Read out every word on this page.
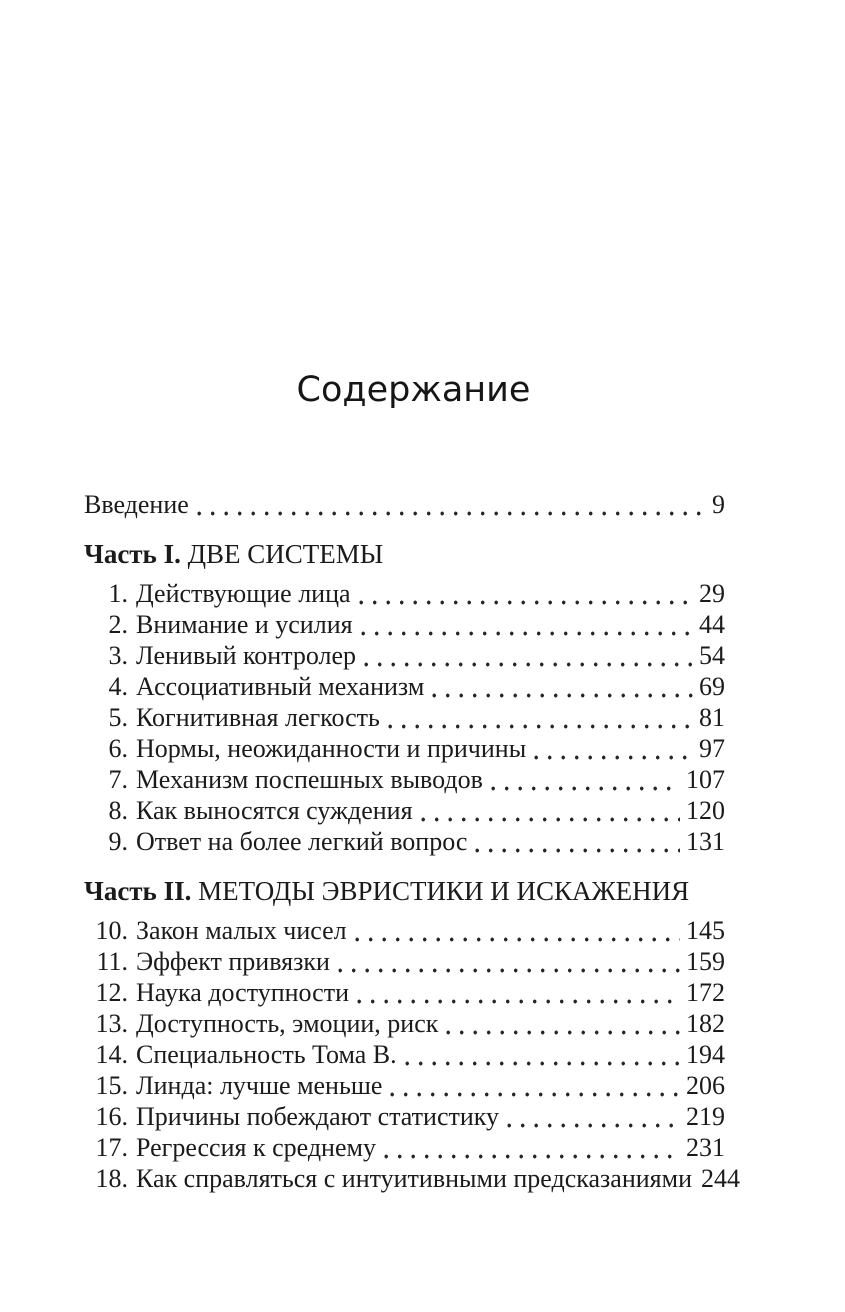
Содержание
Введение	9
Часть I. ДВЕ СИСТЕМЫ
1. Действующие лица	29
2. Внимание и усилия	44
3. Ленивый контролер	54
4. Ассоциативный механизм	69
5. Когнитивная легкость	81
6. Нормы, неожиданности и причины	97
7. Механизм поспешных выводов	107
8. Как выносятся суждения	120
9. Ответ на более легкий вопрос	131
Часть II. МЕТОДЫ ЭВРИСТИКИ И ИСКАЖЕНИЯ
10. Закон малых чисел	145
11. Эффект привязки	159
12. Наука доступности	172
13. Доступность, эмоции, риск	182
14. Специальность Тома В.	194
15. Линда: лучше меньше	206
16. Причины побеждают статистику	219
17. Регрессия к среднему	231
18. Как справляться с интуитивными предсказаниями 244
